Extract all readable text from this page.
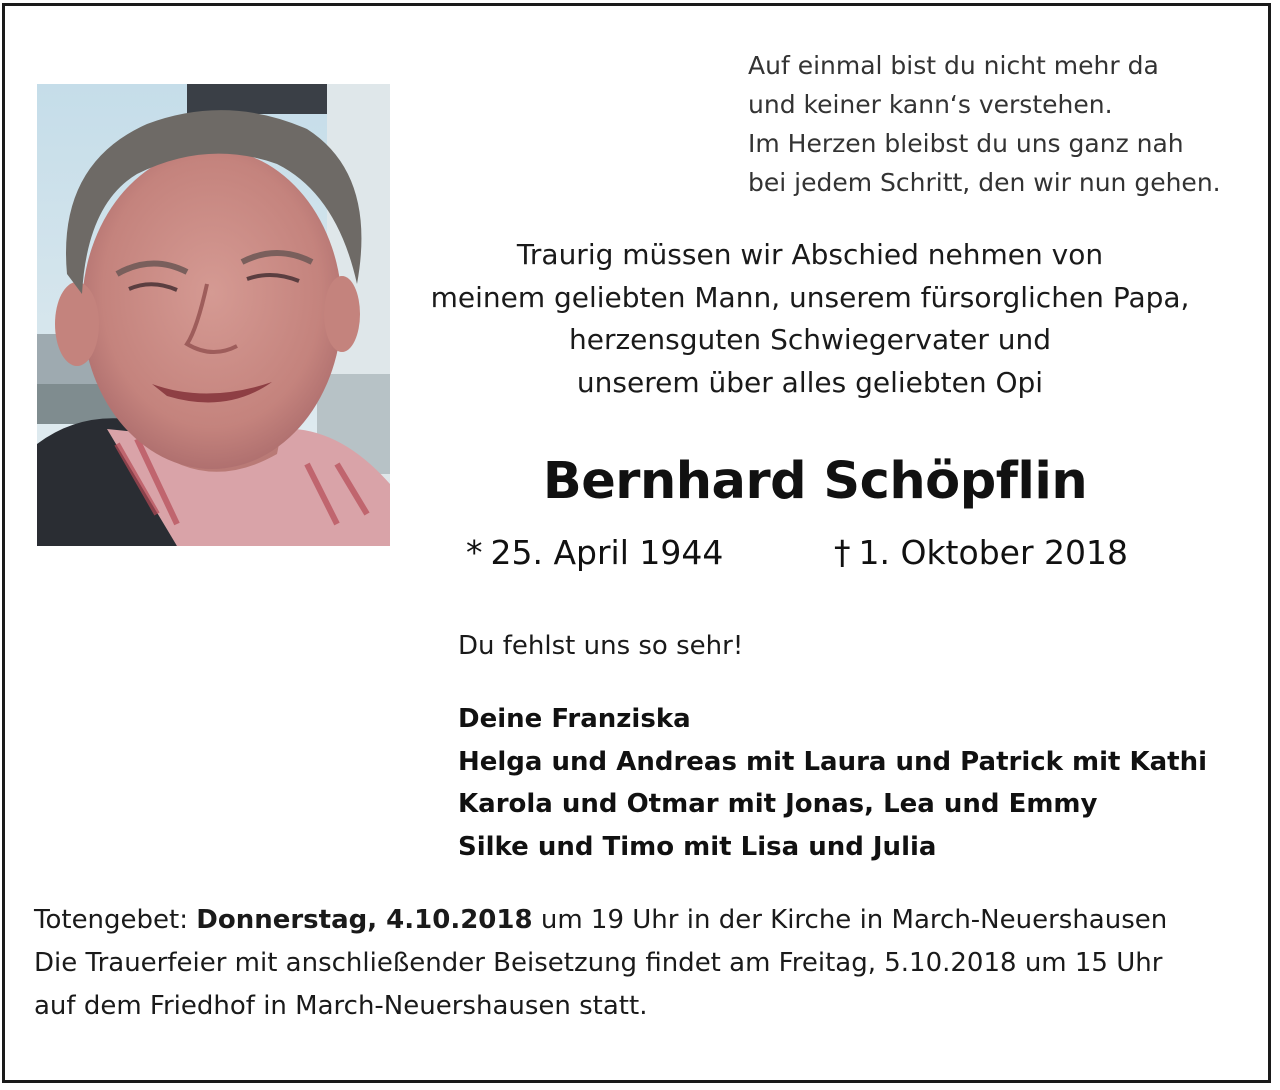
Auf einmal bist du nicht mehr da
und keiner kann‘s verstehen.
Im Herzen bleibst du uns ganz nah
bei jedem Schritt, den wir nun gehen.
Traurig müssen wir Abschied nehmen von
meinem geliebten Mann, unserem fürsorglichen Papa,
herzensguten Schwiegervater und
unserem über alles geliebten Opi
Bernhard Schöpflin
* 25. April 1944	† 1. Oktober 2018
Du fehlst uns so sehr!
Deine Franziska
Helga und Andreas mit Laura und Patrick mit Kathi
Karola und Otmar mit Jonas, Lea und Emmy
Silke und Timo mit Lisa und Julia
Totengebet: Donnerstag, 4.10.2018 um 19 Uhr in der Kirche in March-Neuershausen
Die Trauerfeier mit anschließender Beisetzung findet am Freitag, 5.10.2018 um 15 Uhr
auf dem Friedhof in March-Neuershausen statt.
